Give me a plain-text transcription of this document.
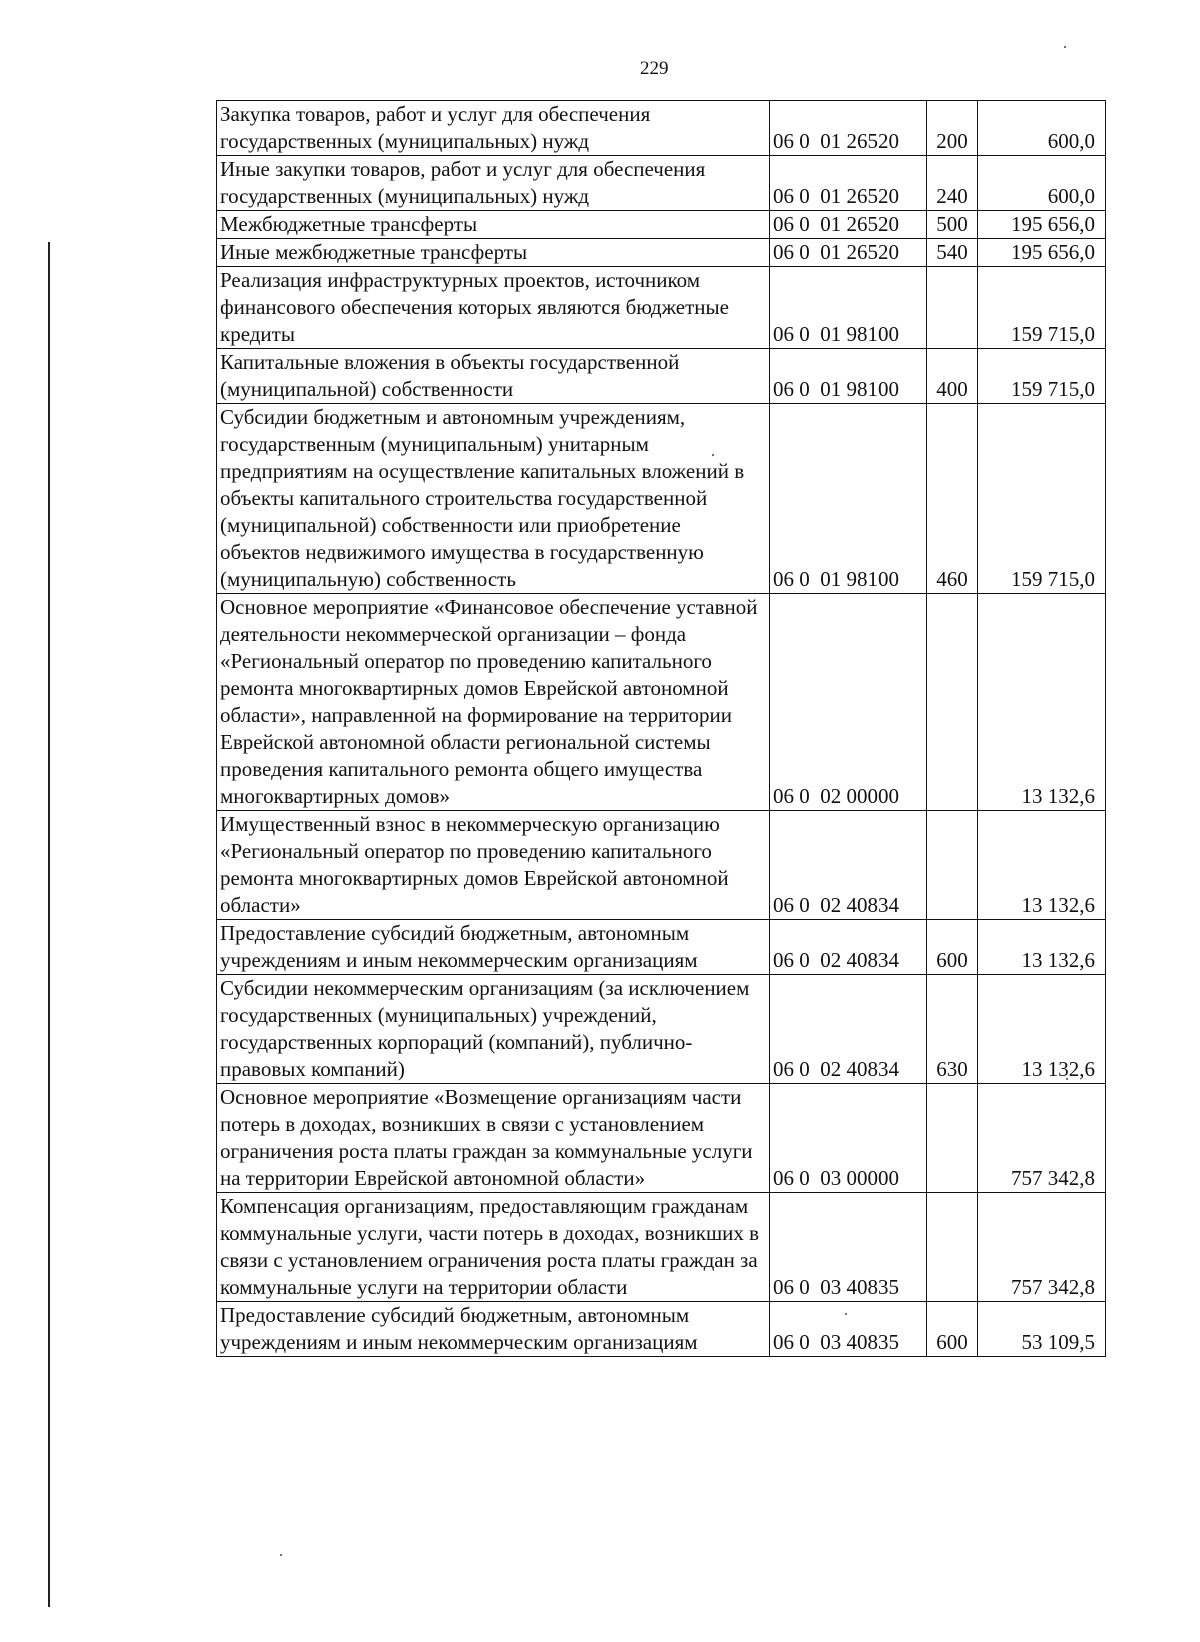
229
Закупка товаров, работ и услуг для обеспечения государственных (муниципальных) нужд	06 0  01 26520	200	600,0
Иные закупки товаров, работ и услуг для обеспечения государственных (муниципальных) нужд	06 0  01 26520	240	600,0
Межбюджетные трансферты	06 0  01 26520	500	195 656,0
Иные межбюджетные трансферты	06 0  01 26520	540	195 656,0
Реализация инфраструктурных проектов, источником финансового обеспечения которых являются бюджетные кредиты	06 0  01 98100		159 715,0
Капитальные вложения в объекты государственной (муниципальной) собственности	06 0  01 98100	400	159 715,0
Субсидии бюджетным и автономным учреждениям, государственным (муниципальным) унитарным предприятиям на осуществление капитальных вложений в объекты капитального строительства государственной (муниципальной) собственности или приобретение объектов недвижимого имущества в государственную (муниципальную) собственность	06 0  01 98100	460	159 715,0
Основное мероприятие «Финансовое обеспечение уставной деятельности некоммерческой организации – фонда «Региональный оператор по проведению капитального ремонта многоквартирных домов Еврейской автономной области», направленной на формирование на территории Еврейской автономной области региональной системы проведения капитального ремонта общего имущества многоквартирных домов»	06 0  02 00000		13 132,6
Имущественный взнос в некоммерческую организацию «Региональный оператор по проведению капитального ремонта многоквартирных домов Еврейской автономной области»	06 0  02 40834		13 132,6
Предоставление субсидий бюджетным, автономным учреждениям и иным некоммерческим организациям	06 0  02 40834	600	13 132,6
Субсидии некоммерческим организациям (за исключением государственных (муниципальных) учреждений, государственных корпораций (компаний), публично-правовых компаний)	06 0  02 40834	630	13 132,6
Основное мероприятие «Возмещение организациям части потерь в доходах, возникших в связи с установлением ограничения роста платы граждан за коммунальные услуги на территории Еврейской автономной области»	06 0  03 00000		757 342,8
Компенсация организациям, предоставляющим гражданам коммунальные услуги, части потерь в доходах, возникших в связи с установлением ограничения роста платы граждан за коммунальные услуги на территории области	06 0  03 40835		757 342,8
Предоставление субсидий бюджетным, автономным учреждениям и иным некоммерческим организациям	06 0  03 40835	600	53 109,5
